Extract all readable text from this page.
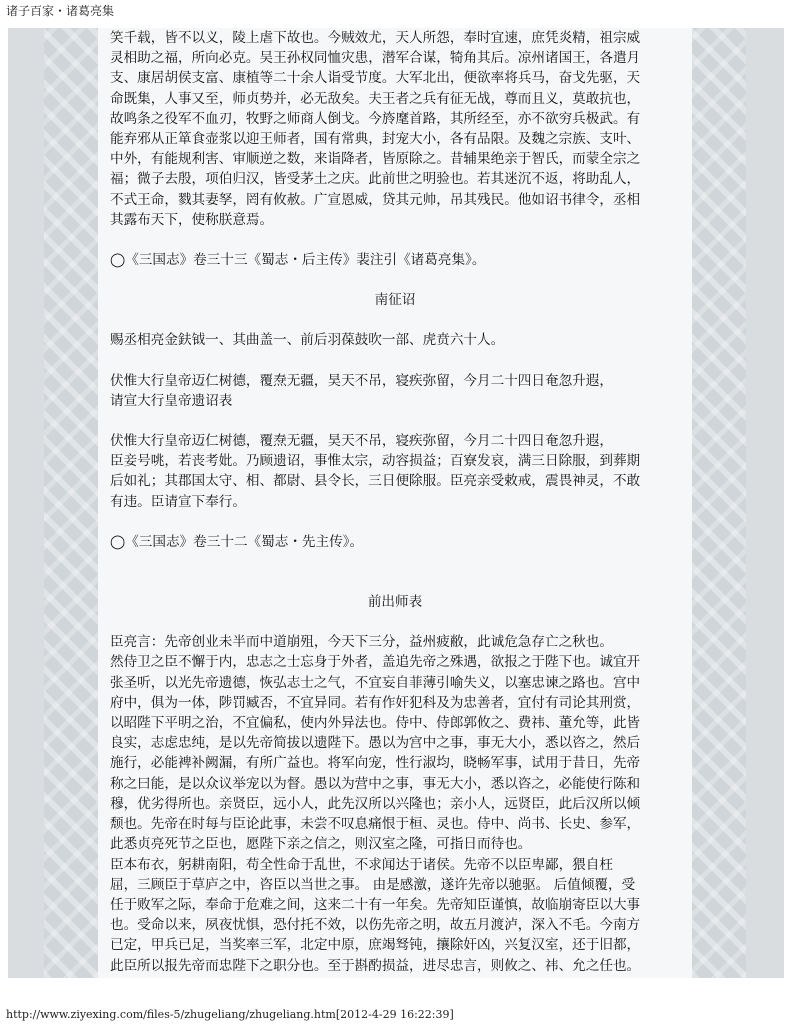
诸子百家・诸葛亮集

笑千载，皆不以义，陵上虐下故也。今贼效尤，天人所怨，奉时宜速，庶凭炎精，祖宗威
灵相助之福，所向必克。吴王孙权同恤灾患，潜军合谋，犄角其后。凉州诸国王，各遣月
支、康居胡侯支富、康植等二十余人诣受节度。大军北出，便欲率将兵马，奋戈先驱，天
命既集，人事又至，师贞势并，必无敌矣。夫王者之兵有征无战，尊而且义，莫敢抗也，
故鸣条之役军不血刃，牧野之师商人倒戈。今旍麾首路，其所经至，亦不欲穷兵极武。有
能弃邪从正箪食壶浆以迎王师者，国有常典，封宠大小，各有品限。及魏之宗族、支叶、
中外，有能规利害、审顺逆之数，来诣降者，皆原除之。昔辅果绝亲于智氏，而蒙全宗之
福；微子去殷，项伯归汉，皆受茅土之庆。此前世之明验也。若其迷沉不返，将助乱人，
不式王命，戮其妻孥，罔有攸赦。广宣恩威，贷其元帅，吊其残民。他如诏书律令，丞相
其露布天下，使称朕意焉。

◯《三国志》卷三十三《蜀志・后主传》裴注引《诸葛亮集》。

南征诏

赐丞相亮金鈇钺一、其曲盖一、前后羽葆鼓吹一部、虎贲六十人。

伏惟大行皇帝迈仁树德，覆焘无疆，昊天不吊，寝疾弥留，今月二十四日奄忽升遐，
请宣大行皇帝遗诏表

伏惟大行皇帝迈仁树德，覆焘无疆，昊天不吊，寝疾弥留，今月二十四日奄忽升遐，
臣妾号咷，若丧考妣。乃顾遗诏，事惟太宗，动容损益；百寮发哀，满三日除服，到葬期
后如礼；其郡国太守、相、都尉、县令长，三日便除服。臣亮亲受敕戒，震畏神灵，不敢
有违。臣请宣下奉行。

◯《三国志》卷三十二《蜀志・先主传》。

前出师表

臣亮言：先帝创业未半而中道崩殂，今天下三分，益州疲敝，此诚危急存亡之秋也。
然侍卫之臣不懈于内，忠志之士忘身于外者，盖追先帝之殊遇，欲报之于陛下也。诚宜开
张圣听，以光先帝遗德，恢弘志士之气，不宜妄自菲薄引喻失义，以塞忠谏之路也。宫中
府中，俱为一体，陟罚臧否，不宜异同。若有作奸犯科及为忠善者，宜付有司论其刑赏，
以昭陛下平明之治，不宜偏私，使内外异法也。侍中、侍郎郭攸之、费祎、董允等，此皆
良实，志虑忠纯，是以先帝简拔以遗陛下。愚以为宫中之事，事无大小，悉以咨之，然后
施行，必能裨补阙漏，有所广益也。将军向宠，性行淑均，晓畅军事，试用于昔日，先帝
称之曰能，是以众议举宠以为督。愚以为营中之事，事无大小，悉以咨之，必能使行陈和
穆，优劣得所也。亲贤臣，远小人，此先汉所以兴隆也；亲小人，远贤臣，此后汉所以倾
颓也。先帝在时每与臣论此事，未尝不叹息痛恨于桓、灵也。侍中、尚书、长史、参军，
此悉贞亮死节之臣也，愿陛下亲之信之，则汉室之隆，可指日而待也。
臣本布衣，躬耕南阳，苟全性命于乱世，不求闻达于诸侯。先帝不以臣卑鄙，猥自枉
屈，三顾臣于草庐之中，咨臣以当世之事。 由是感激，遂许先帝以驰驱。 后值倾覆，受
任于败军之际，奉命于危难之间，这来二十有一年矣。先帝知臣谨慎，故临崩寄臣以大事
也。受命以来，夙夜忧惧，恐付托不效，以伤先帝之明，故五月渡泸，深入不毛。今南方
已定，甲兵已足，当奖率三军，北定中原，庶竭驽钝，攘除奸凶，兴复汉室，还于旧都，
此臣所以报先帝而忠陛下之职分也。至于斟酌损益，进尽忠言，则攸之、祎、允之任也。

http://www.ziyexing.com/files-5/zhugeliang/zhugeliang.htm[2012-4-29 16:22:39]
